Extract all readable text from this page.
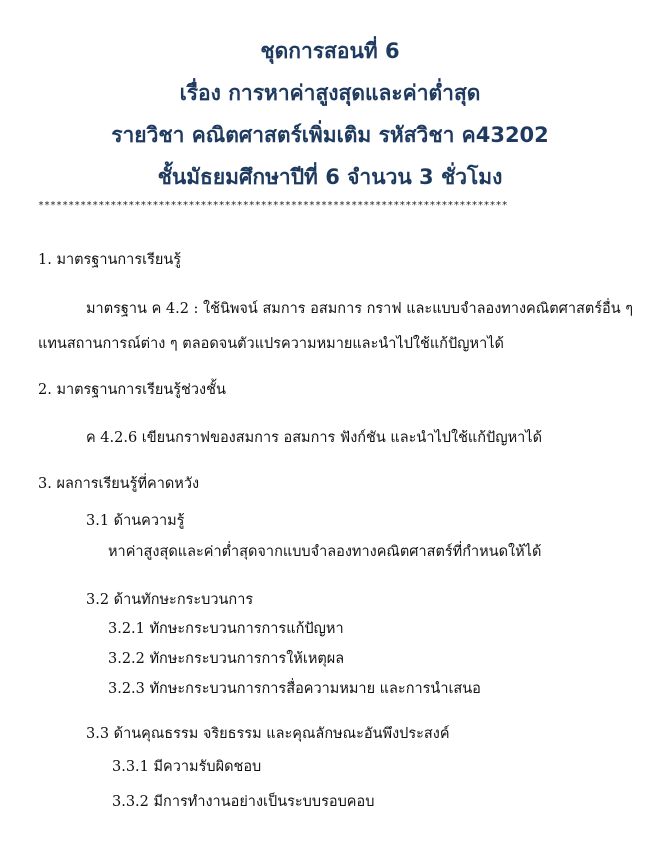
ชุดการสอนที่ 6
เรื่อง การหาค่าสูงสุดและค่าต่ำสุด
รายวิชา คณิตศาสตร์เพิ่มเติม รหัสวิชา ค43202
ชั้นมัธยมศึกษาปีที่ 6 จำนวน 3 ชั่วโมง
******************************************************************************
1. มาตรฐานการเรียนรู้
มาตรฐาน ค 4.2 : ใช้นิพจน์ สมการ อสมการ กราฟ และแบบจำลองทางคณิตศาสตร์อื่น ๆ
แทนสถานการณ์ต่าง ๆ ตลอดจนตัวแปรความหมายและนำไปใช้แก้ปัญหาได้
2. มาตรฐานการเรียนรู้ช่วงชั้น
ค 4.2.6 เขียนกราฟของสมการ อสมการ ฟังก์ชัน และนำไปใช้แก้ปัญหาได้
3. ผลการเรียนรู้ที่คาดหวัง
3.1 ด้านความรู้
หาค่าสูงสุดและค่าต่ำสุดจากแบบจำลองทางคณิตศาสตร์ที่กำหนดให้ได้
3.2 ด้านทักษะกระบวนการ
3.2.1 ทักษะกระบวนการการแก้ปัญหา
3.2.2 ทักษะกระบวนการการให้เหตุผล
3.2.3 ทักษะกระบวนการการสื่อความหมาย และการนำเสนอ
3.3 ด้านคุณธรรม จริยธรรม และคุณลักษณะอันพึงประสงค์
3.3.1 มีความรับผิดชอบ
3.3.2 มีการทำงานอย่างเป็นระบบรอบคอบ
